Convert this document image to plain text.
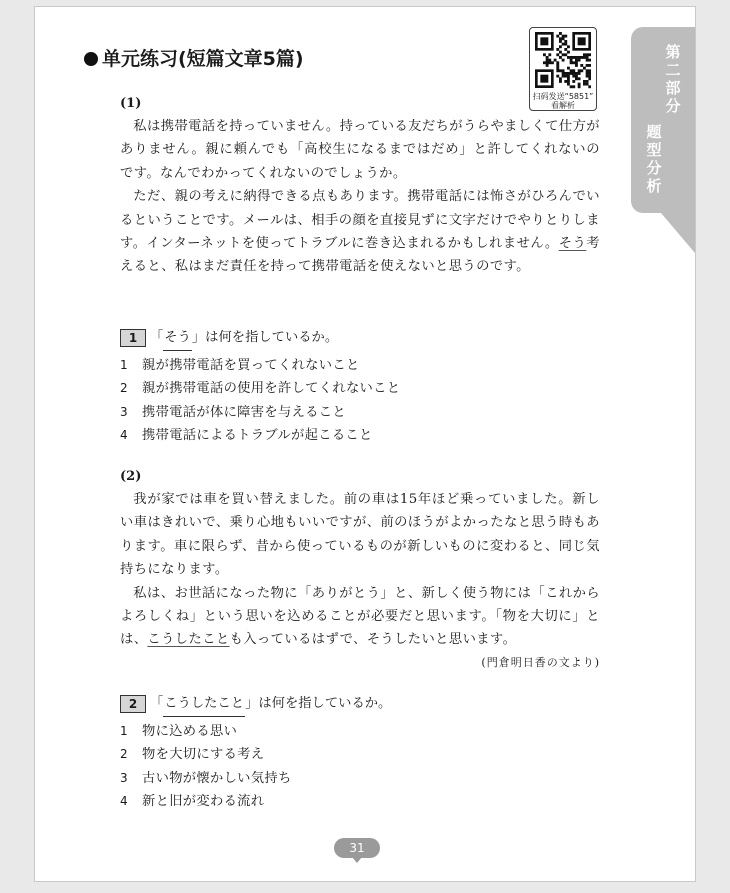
单元练习(短篇文章5篇)
扫码发送“5851”
看解析
第
二
部
分
题
型
分
析
(1)

私は携帯電話を持っていません。持っている友だちがうらやましくて仕方がありません。親に頼んでも「高校生になるまではだめ」と許してくれないのです。なんでわかってくれないのでしょうか。

ただ、親の考えに納得できる点もあります。携帯電話には怖さがひろんでいるということです。メールは、相手の顔を直接見ずに文字だけでやりとりします。インターネットを使ってトラブルに巻き込まれるかもしれません。そう考えると、私はまだ責任を持って携帯電話を使えないと思うのです。

1 「 そう 」は何を指しているか。
1 親が携帯電話を買ってくれないこと
2 親が携帯電話の使用を許してくれないこと
3 携帯電話が体に障害を与えること
4 携帯電話によるトラブルが起こること
(2)

我が家では車を買い替えました。前の車は15年ほど乗っていました。新しい車はきれいで、乗り心地もいいですが、前のほうがよかったなと思う時もあります。車に限らず、昔から使っているものが新しいものに変わると、同じ気持ちになります。

私は、お世話になった物に「ありがとう」と、新しく使う物には「これからよろしくね」という思いを込めることが必要だと思います。「物を大切に」とは、こうしたことも入っているはずで、そうしたいと思います。

(門倉明日香の文より)
2 「 こうしたこと 」は何を指しているか。
1 物に込める思い
2 物を大切にする考え
3 古い物が懐かしい気持ち
4 新と旧が変わる流れ
31
